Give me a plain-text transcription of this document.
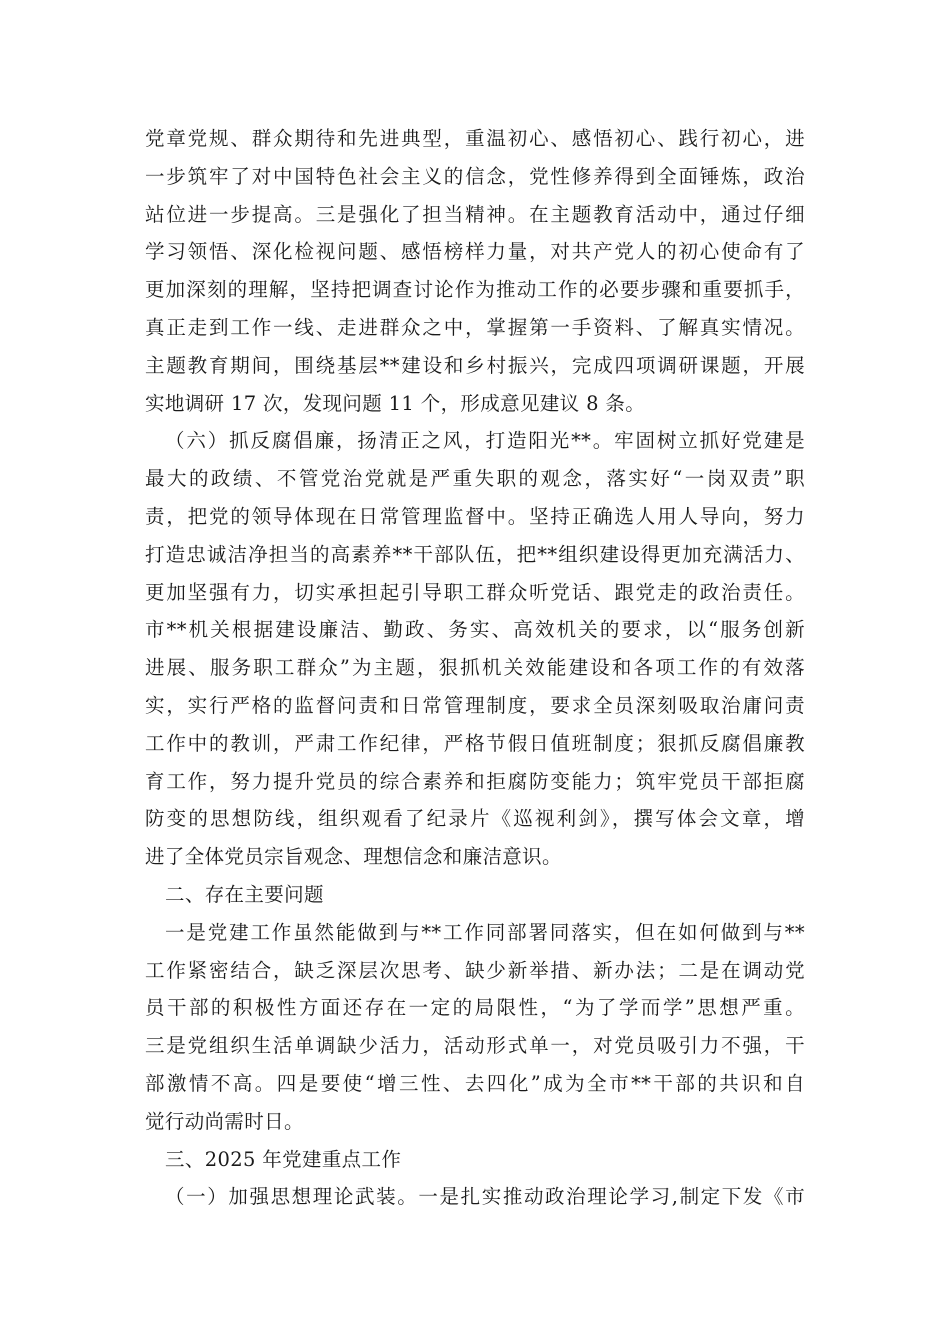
党章党规、群众期待和先进典型，重温初心、感悟初心、践行初心，进
一步筑牢了对中国特色社会主义的信念，党性修养得到全面锤炼，政治
站位进一步提高。三是强化了担当精神。在主题教育活动中，通过仔细
学习领悟、深化检视问题、感悟榜样力量，对共产党人的初心使命有了
更加深刻的理解，坚持把调查讨论作为推动工作的必要步骤和重要抓手，
真正走到工作一线、走进群众之中，掌握第一手资料、了解真实情况。
主题教育期间，围绕基层**建设和乡村振兴，完成四项调研课题，开展
实地调研 17 次，发现问题 11 个，形成意见建议 8 条。
（六）抓反腐倡廉，扬清正之风，打造阳光**。牢固树立抓好党建是
最大的政绩、不管党治党就是严重失职的观念，落实好“一岗双责”职
责，把党的领导体现在日常管理监督中。坚持正确选人用人导向，努力
打造忠诚洁净担当的高素养**干部队伍，把**组织建设得更加充满活力、
更加坚强有力，切实承担起引导职工群众听党话、跟党走的政治责任。
市**机关根据建设廉洁、勤政、务实、高效机关的要求，以“服务创新
进展、服务职工群众”为主题，狠抓机关效能建设和各项工作的有效落
实，实行严格的监督问责和日常管理制度，要求全员深刻吸取治庸问责
工作中的教训，严肃工作纪律，严格节假日值班制度；狠抓反腐倡廉教
育工作，努力提升党员的综合素养和拒腐防变能力；筑牢党员干部拒腐
防变的思想防线，组织观看了纪录片《巡视利剑》，撰写体会文章，增
进了全体党员宗旨观念、理想信念和廉洁意识。
二、存在主要问题
一是党建工作虽然能做到与**工作同部署同落实，但在如何做到与**
工作紧密结合，缺乏深层次思考、缺少新举措、新办法；二是在调动党
员干部的积极性方面还存在一定的局限性，“为了学而学”思想严重。
三是党组织生活单调缺少活力，活动形式单一，对党员吸引力不强，干
部激情不高。四是要使“增三性、去四化”成为全市**干部的共识和自
觉行动尚需时日。
三、2025 年党建重点工作
（一）加强思想理论武装。一是扎实推动政治理论学习,制定下发《市
